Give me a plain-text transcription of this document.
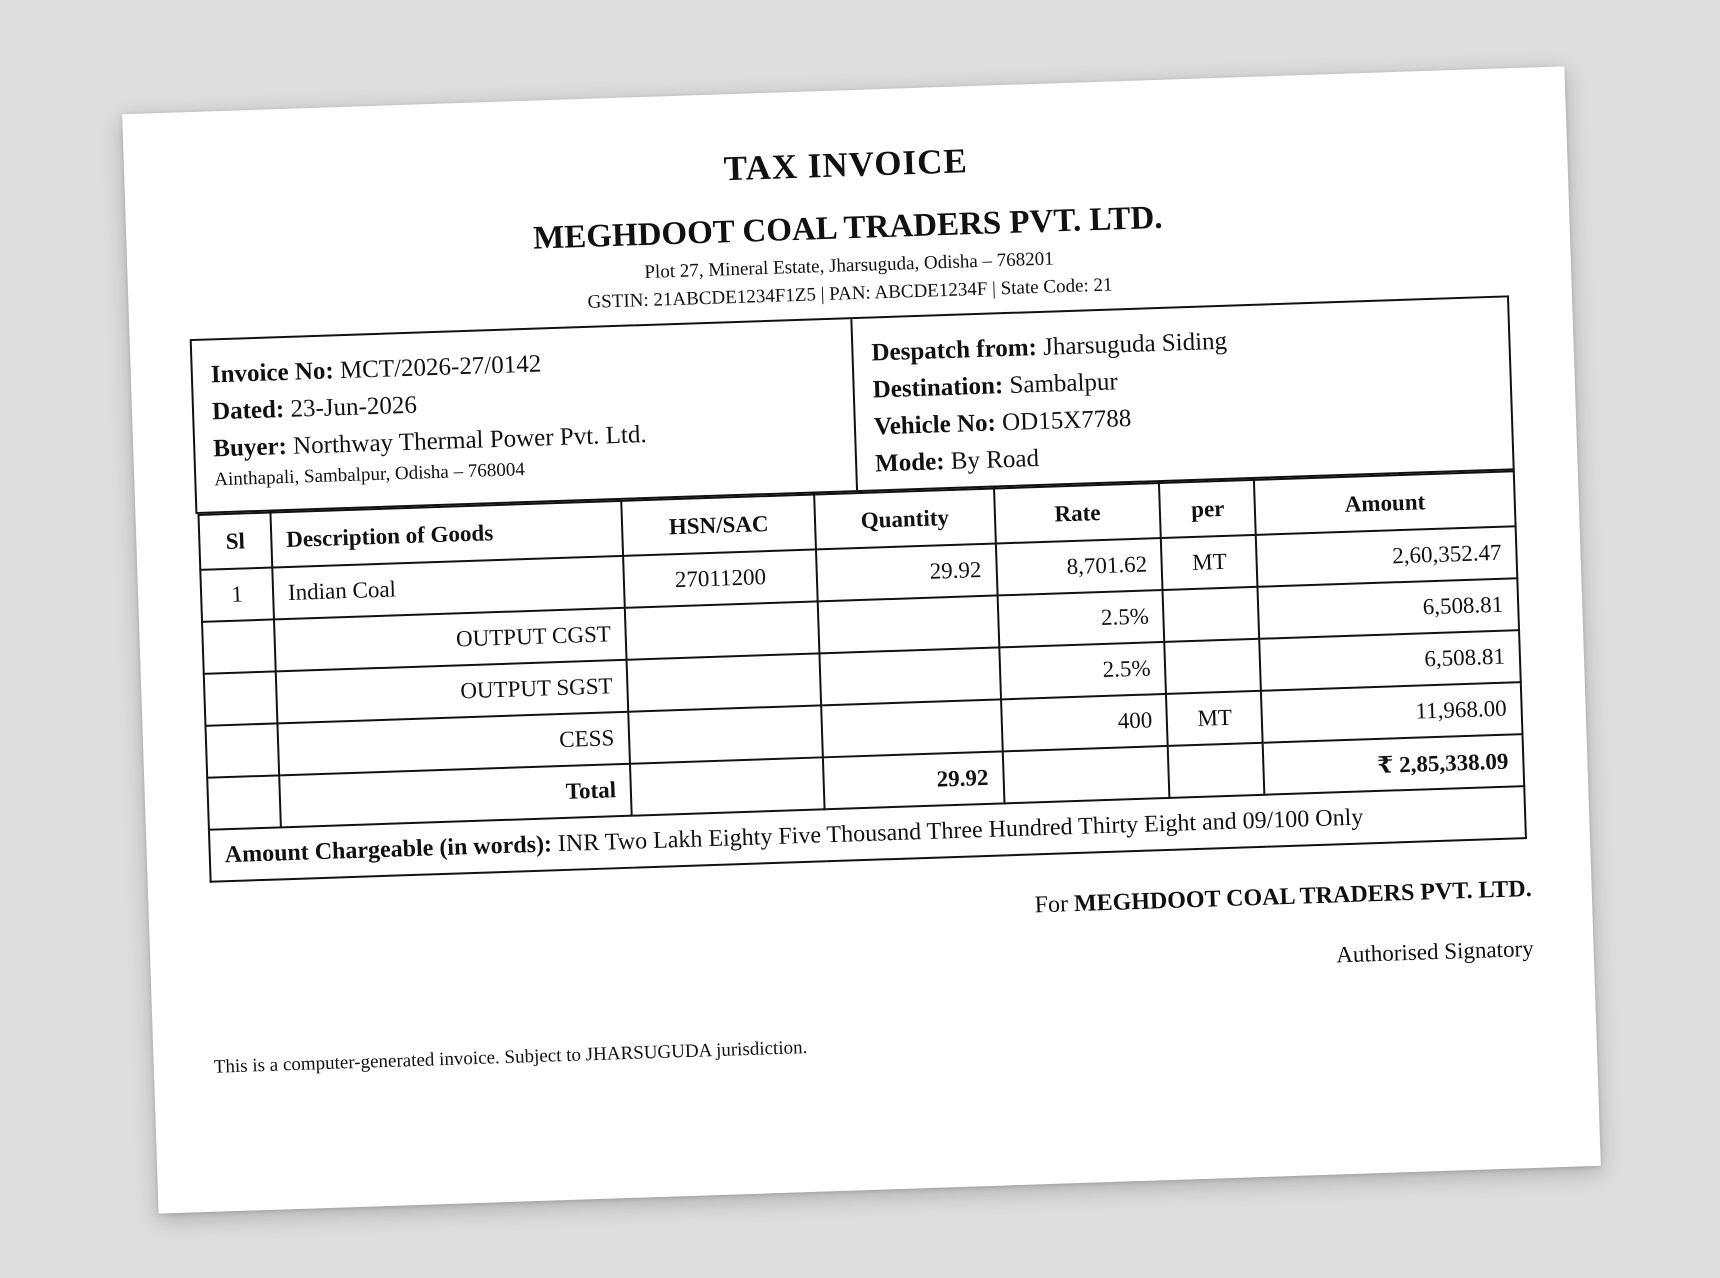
TAX INVOICE
MEGHDOOT COAL TRADERS PVT. LTD.
Plot 27, Mineral Estate, Jharsuguda, Odisha – 768201
GSTIN: 21ABCDE1234F1Z5 | PAN: ABCDE1234F | State Code: 21
Invoice No: MCT/2026-27/0142
Dated: 23-Jun-2026
Buyer: Northway Thermal Power Pvt. Ltd.
Ainthapali, Sambalpur, Odisha – 768004
Despatch from: Jharsuguda Siding
Destination: Sambalpur
Vehicle No: OD15X7788
Mode: By Road
Sl	Description of Goods	HSN/SAC	Quantity	Rate	per	Amount
1	Indian Coal	27011200	29.92	8,701.62	MT	2,60,352.47
	OUTPUT CGST			2.5%		6,508.81
	OUTPUT SGST			2.5%		6,508.81
	CESS			400	MT	11,968.00
	Total		29.92			₹ 2,85,338.09
Amount Chargeable (in words): INR Two Lakh Eighty Five Thousand Three Hundred Thirty Eight and 09/100 Only						
For MEGHDOOT COAL TRADERS PVT. LTD.
Authorised Signatory
This is a computer-generated invoice. Subject to JHARSUGUDA jurisdiction.
